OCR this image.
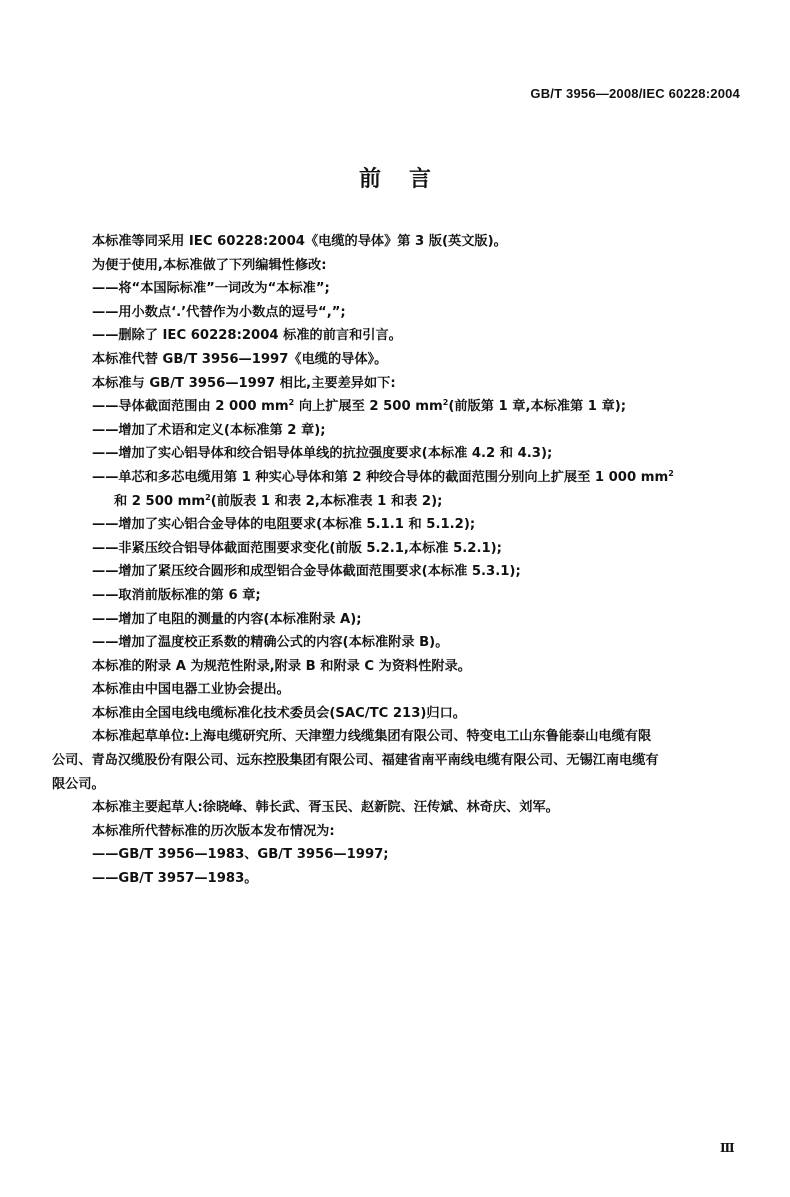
GB/T 3956—2008/IEC 60228:2004
前言
本标准等同采用 IEC 60228:2004《电缆的导体》第 3 版(英文版)。
为便于使用,本标准做了下列编辑性修改:
——将“本国际标准”一词改为“本标准”;
——用小数点‘.’代替作为小数点的逗号“,”;
——删除了 IEC 60228:2004 标准的前言和引言。
本标准代替 GB/T 3956—1997《电缆的导体》。
本标准与 GB/T 3956—1997 相比,主要差异如下:
——导体截面范围由 2 000 $mm^2$ 向上扩展至 2 500 $mm^2$(前版第 1 章,本标准第 1 章);
——增加了术语和定义(本标准第 2 章);
——增加了实心铝导体和绞合铝导体单线的抗拉强度要求(本标准 4.2 和 4.3);
——单芯和多芯电缆用第 1 种实心导体和第 2 种绞合导体的截面范围分别向上扩展至 1 000 $mm^2$
和 2 500 $mm^2$(前版表 1 和表 2,本标准表 1 和表 2);
——增加了实心铝合金导体的电阻要求(本标准 5.1.1 和 5.1.2);
——非紧压绞合铝导体截面范围要求变化(前版 5.2.1,本标准 5.2.1);
——增加了紧压绞合圆形和成型铝合金导体截面范围要求(本标准 5.3.1);
——取消前版标准的第 6 章;
——增加了电阻的测量的内容(本标准附录 A);
——增加了温度校正系数的精确公式的内容(本标准附录 B)。
本标准的附录 A 为规范性附录,附录 B 和附录 C 为资料性附录。
本标准由中国电器工业协会提出。
本标准由全国电线电缆标准化技术委员会(SAC/TC 213)归口。
本标准起草单位:上海电缆研究所、天津塑力线缆集团有限公司、特变电工山东鲁能泰山电缆有限
公司、青岛汉缆股份有限公司、远东控股集团有限公司、福建省南平南线电缆有限公司、无锡江南电缆有
限公司。
本标准主要起草人:徐晓峰、韩长武、胥玉民、赵新院、汪传斌、林奇庆、刘军。
本标准所代替标准的历次版本发布情况为:
——GB/T 3956—1983、GB/T 3956—1997;
——GB/T 3957—1983。
Ⅲ
